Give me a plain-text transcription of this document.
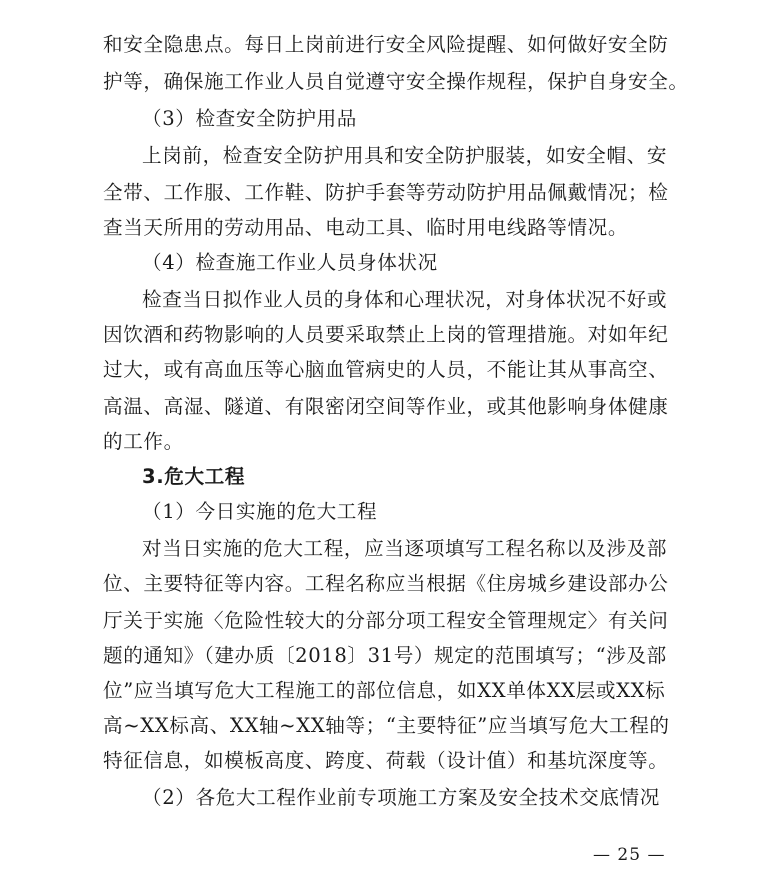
和安全隐患点。每日上岗前进行安全风险提醒、如何做好安全防
护等，确保施工作业人员自觉遵守安全操作规程，保护自身安全。
（3）检查安全防护用品
上岗前，检查安全防护用具和安全防护服装，如安全帽、安
全带、工作服、工作鞋、防护手套等劳动防护用品佩戴情况；检
查当天所用的劳动用品、电动工具、临时用电线路等情况。
（4）检查施工作业人员身体状况
检查当日拟作业人员的身体和心理状况，对身体状况不好或
因饮酒和药物影响的人员要采取禁止上岗的管理措施。对如年纪
过大，或有高血压等心脑血管病史的人员，不能让其从事高空、
高温、高湿、隧道、有限密闭空间等作业，或其他影响身体健康
的工作。
3.危大工程
（1）今日实施的危大工程
对当日实施的危大工程，应当逐项填写工程名称以及涉及部
位、主要特征等内容。工程名称应当根据《住房城乡建设部办公
厅关于实施〈危险性较大的分部分项工程安全管理规定〉有关问
题的通知》（建办质〔2018〕31号）规定的范围填写；“涉及部
位”应当填写危大工程施工的部位信息，如XX单体XX层或XX标
高~XX标高、XX轴~XX轴等；“主要特征”应当填写危大工程的
特征信息，如模板高度、跨度、荷载（设计值）和基坑深度等。
（2）各危大工程作业前专项施工方案及安全技术交底情况
— 25 —
